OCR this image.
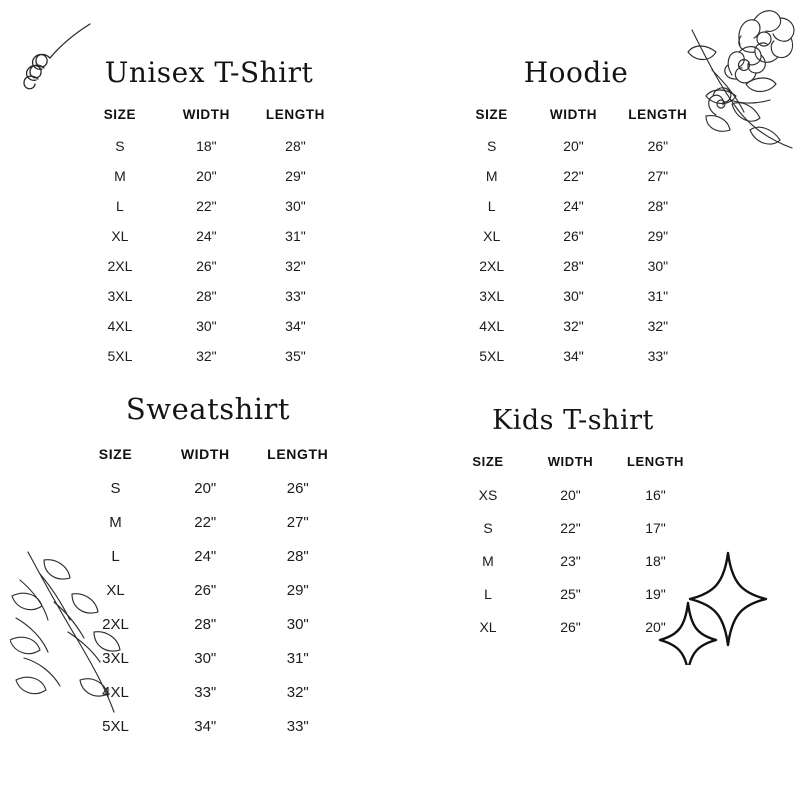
Unisex T-Shirt
SIZE	WIDTH	LENGTH
S	18"	28"
M	20"	29"
L	22"	30"
XL	24"	31"
2XL	26"	32"
3XL	28"	33"
4XL	30"	34"
5XL	32"	35"
Hoodie
SIZE	WIDTH	LENGTH
S	20"	26"
M	22"	27"
L	24"	28"
XL	26"	29"
2XL	28"	30"
3XL	30"	31"
4XL	32"	32"
5XL	34"	33"
Sweatshirt
SIZE	WIDTH	LENGTH
S	20"	26"
M	22"	27"
L	24"	28"
XL	26"	29"
2XL	28"	30"
3XL	30"	31"
4XL	33"	32"
5XL	34"	33"
Kids T-shirt
SIZE	WIDTH	LENGTH
XS	20"	16"
S	22"	17"
M	23"	18"
L	25"	19"
XL	26"	20"
